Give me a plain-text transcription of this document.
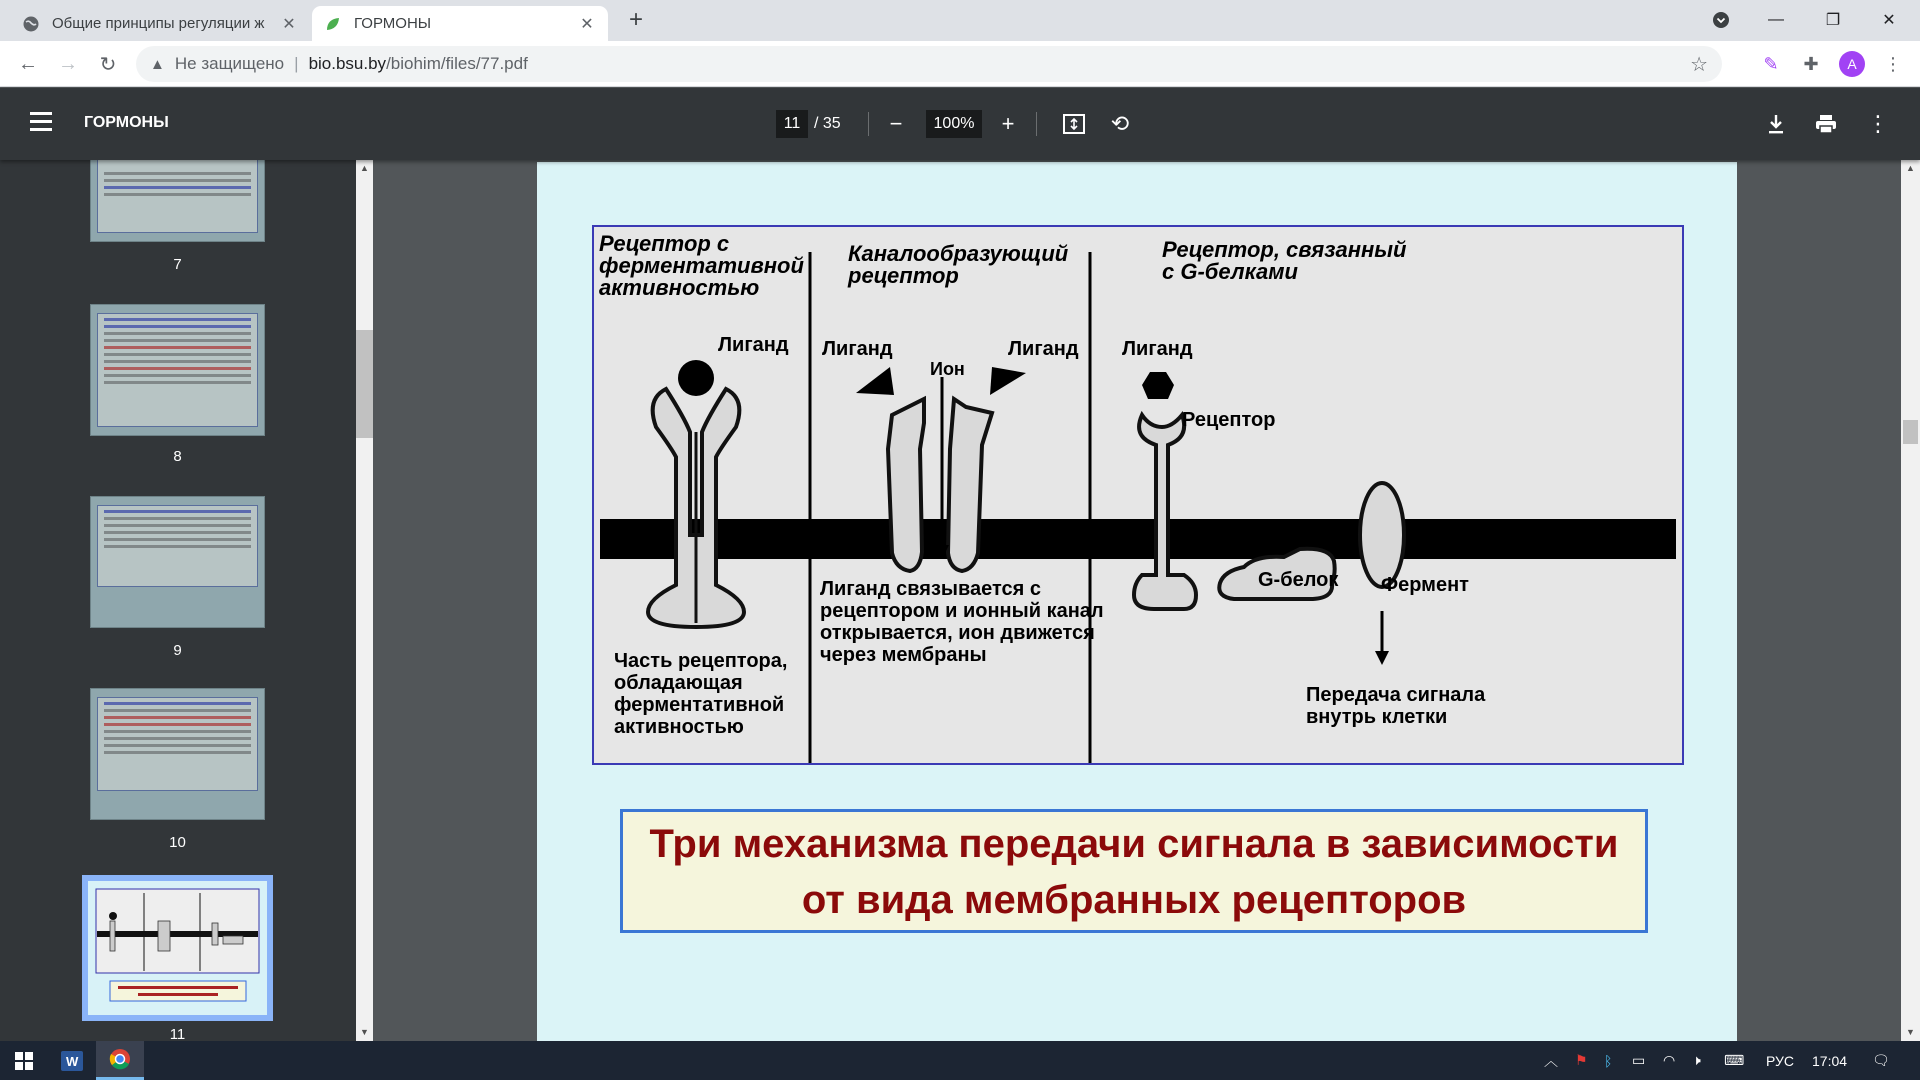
Общие принципы регуляции ж	✕	ГОРМОНЫ	✕ +	—	❐	✕
← → ↻	▲ Не защищено | bio.bsu.by /biohim/files/77.pdf	☆	✎	✚	A	⋮
ГОРМОНЫ	11 / 35	−	100%	+	⟲	⋮
7
8
9
10
11
▲
▼
Рецептор с
ферментативной
активностью
Лиганд
Часть рецептора,
обладающая
ферментативной
активностью
Каналообразующий
рецептор
Лиганд	Лиганд
Ион
Лиганд связывается с
рецептором и ионный канал
открывается, ион движется
через мембраны
Рецептор, связанный
с G-белками
Лиганд
Рецептор
G-белок Фермент
Передача сигнала
внутрь клетки
Три механизма передачи сигнала в зависимости
от вида мембранных рецепторов
▲
▼
W	︿ ⚑ ᛒ ▭ ◠ 🕨 ⌨ РУС 17:04 🗨
